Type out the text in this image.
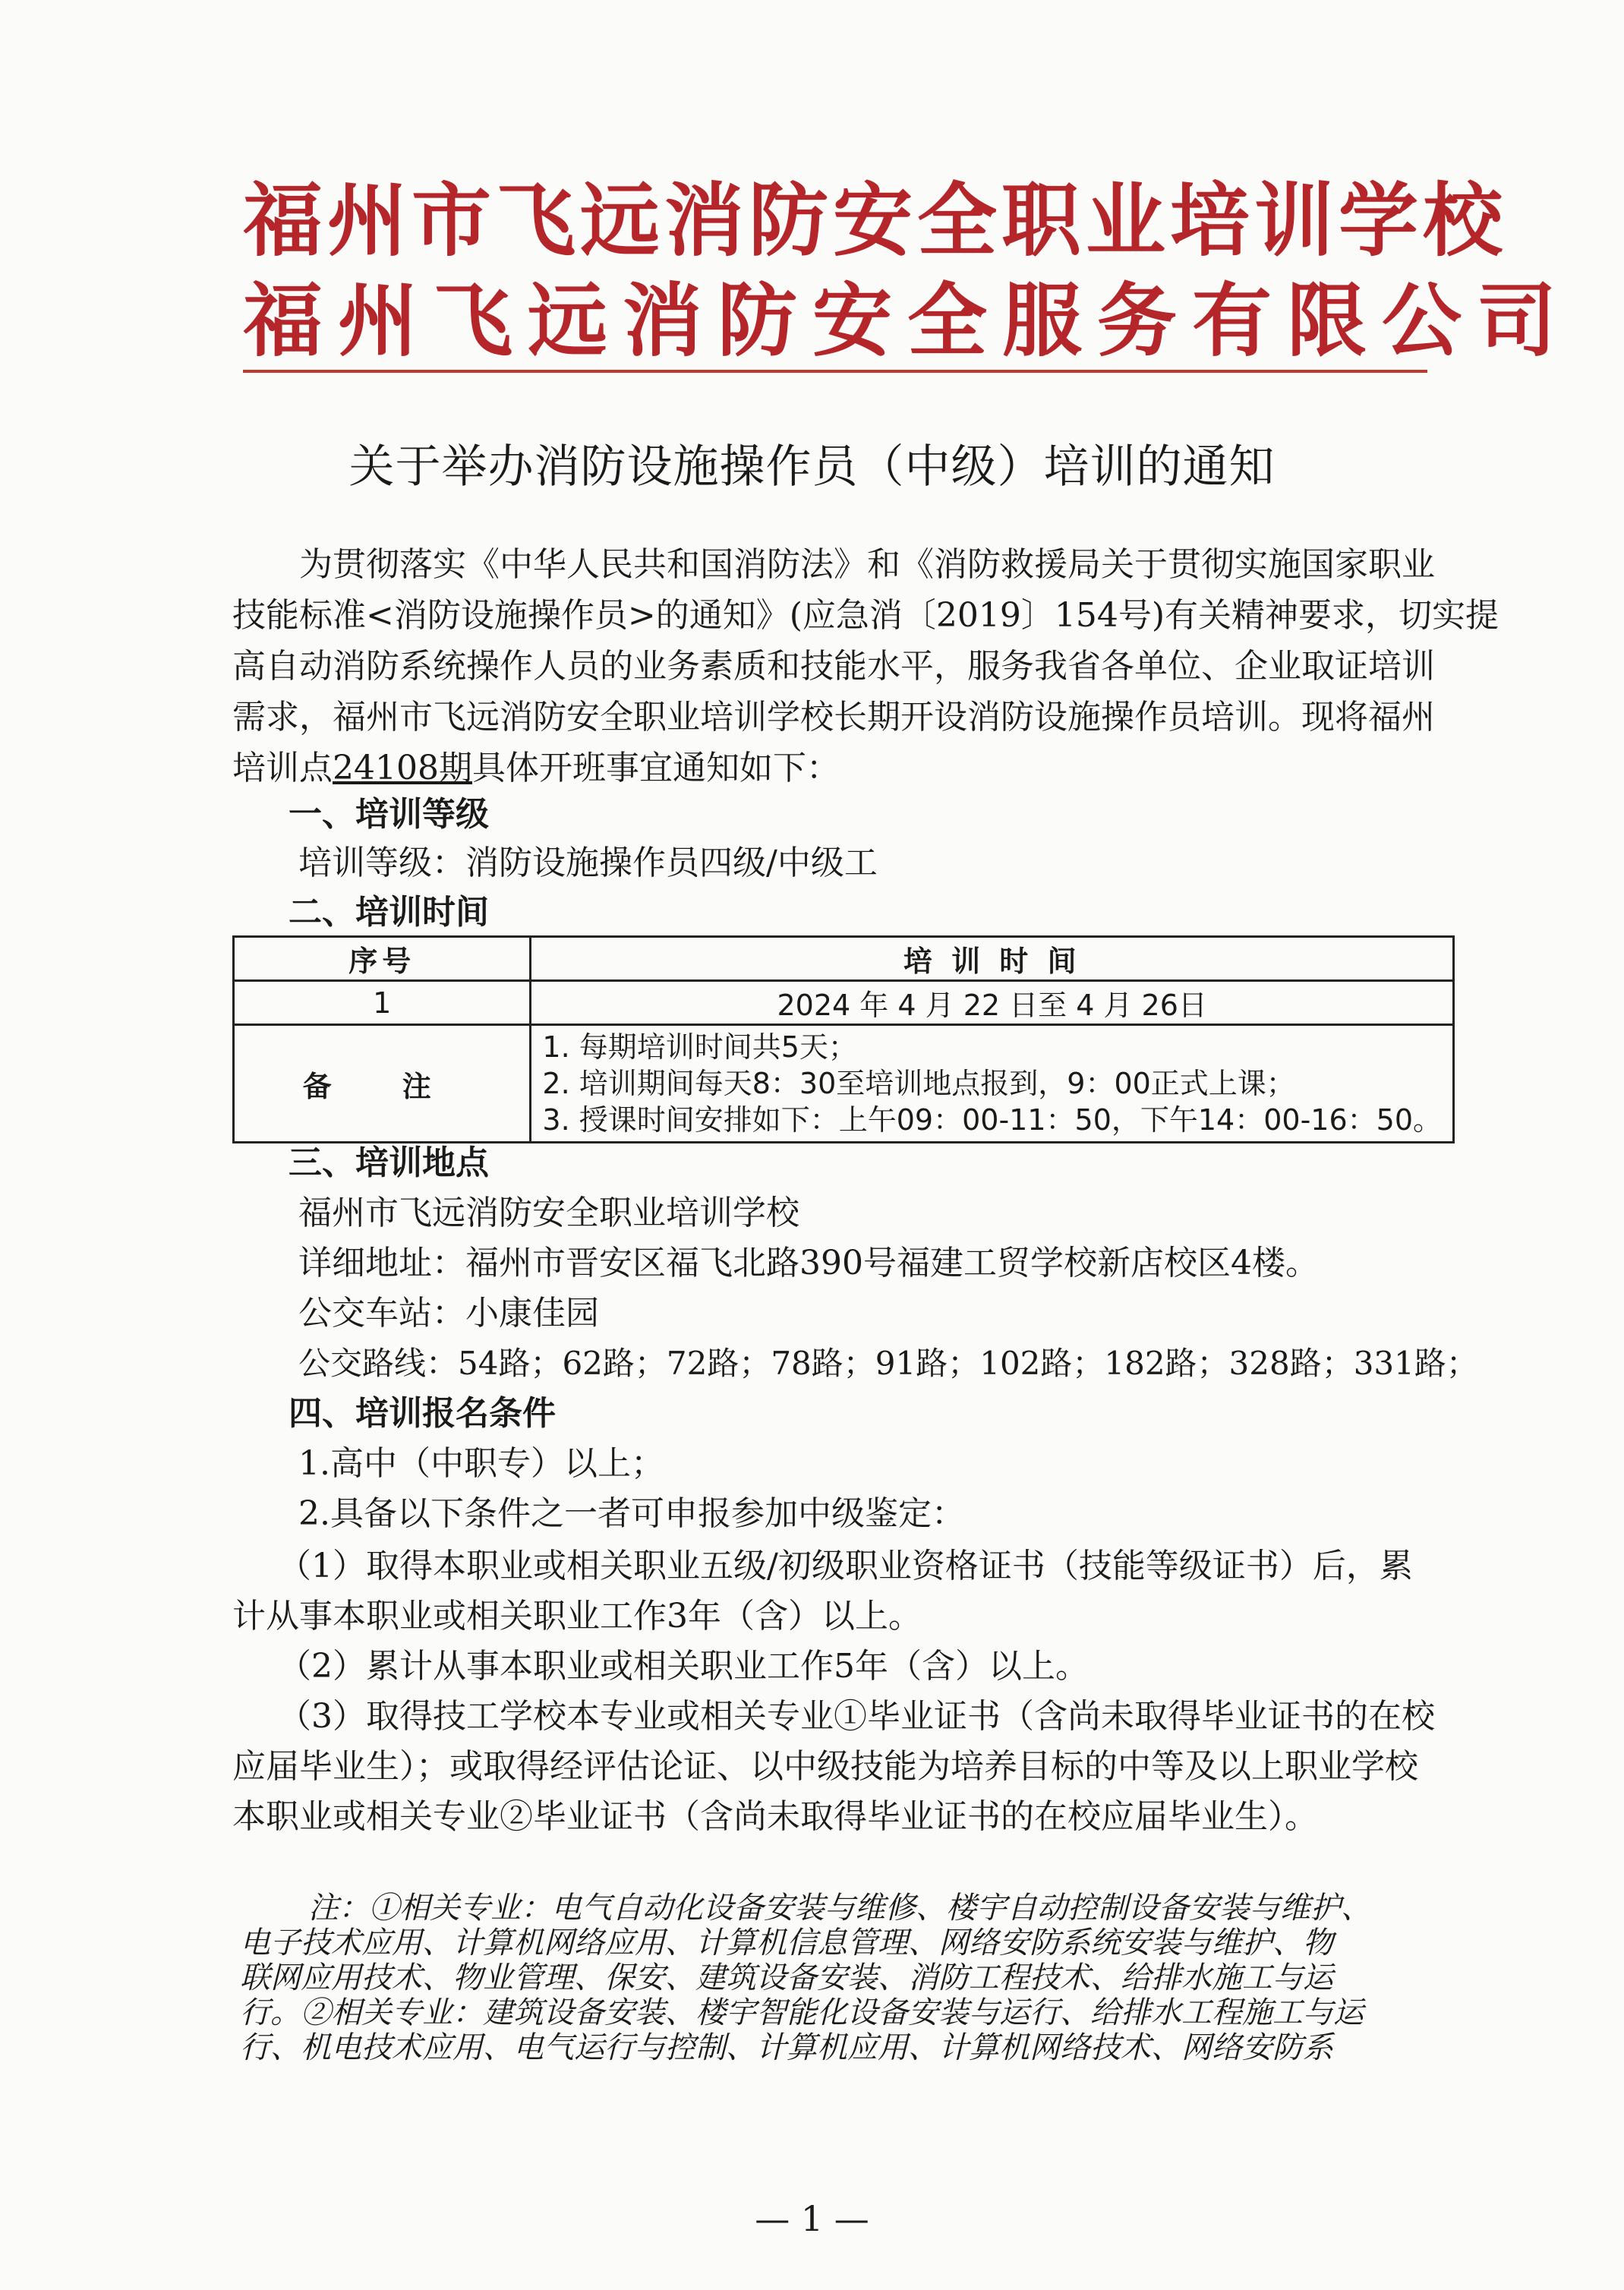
福州市飞远消防安全职业培训学校
福州飞远消防安全服务有限公司
关于举办消防设施操作员（中级）培训的通知
为贯彻落实《中华人民共和国消防法》和《消防救援局关于贯彻实施国家职业
技能标准<消防设施操作员>的通知》(应急消〔2019〕154号)有关精神要求，切实提
高自动消防系统操作人员的业务素质和技能水平，服务我省各单位、企业取证培训
需求，福州市飞远消防安全职业培训学校长期开设消防设施操作员培训。现将福州
培训点24108期具体开班事宜通知如下：
一、培训等级
培训等级：消防设施操作员四级/中级工
二、培训时间
序号	培 训 时 间
1	2024 年 4 月 22 日至 4 月 26日
备 注	1. 每期培训时间共5天；
2. 培训期间每天8：30至培训地点报到，9：00正式上课；
3. 授课时间安排如下：上午09：00-11：50，下午14：00-16：50。
三、培训地点
福州市飞远消防安全职业培训学校
详细地址：福州市晋安区福飞北路390号福建工贸学校新店校区4楼。
公交车站：小康佳园
公交路线：54路；62路；72路；78路；91路；102路；182路；328路；331路；
四、培训报名条件
1.高中（中职专）以上；
2.具备以下条件之一者可申报参加中级鉴定：
（1）取得本职业或相关职业五级/初级职业资格证书（技能等级证书）后，累
计从事本职业或相关职业工作3年（含）以上。
（2）累计从事本职业或相关职业工作5年（含）以上。
（3）取得技工学校本专业或相关专业①毕业证书（含尚未取得毕业证书的在校
应届毕业生）；或取得经评估论证、以中级技能为培养目标的中等及以上职业学校
本职业或相关专业②毕业证书（含尚未取得毕业证书的在校应届毕业生）。
注：①相关专业：电气自动化设备安装与维修、楼宇自动控制设备安装与维护、
电子技术应用、计算机网络应用、计算机信息管理、网络安防系统安装与维护、物
联网应用技术、物业管理、保安、建筑设备安装、消防工程技术、给排水施工与运
行。②相关专业：建筑设备安装、楼宇智能化设备安装与运行、给排水工程施工与运
行、机电技术应用、电气运行与控制、计算机应用、计算机网络技术、网络安防系
— 1 —
